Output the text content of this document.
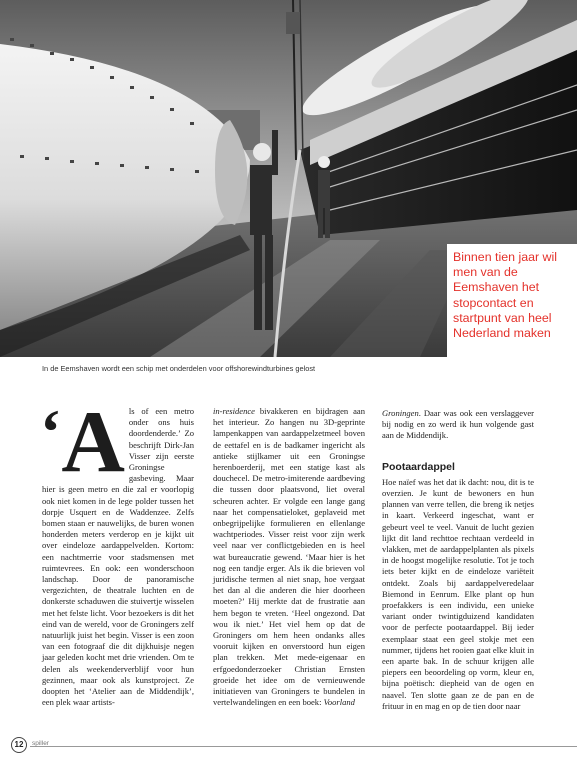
Binnen tien jaar wil men van de Eemshaven het stopcontact en startpunt van heel Nederland maken

In de Eemshaven wordt een schip met onderdelen voor offshorewindturbines gelost
‘A ls of een metro onder ons huis doordenderde.’ Zo beschrijft Dirk-Jan Visser zijn eerste Groningse gasbeving. Maar hier is geen metro en die zal er voorlopig ook niet komen in de lege polder tussen het dorpje Usquert en de Waddenzee. Zelfs bomen staan er nauwelijks, de buren wonen honderden meters verderop en je kijkt uit over eindeloze aardappelvelden. Kortom: een nachtmerrie voor stadsmensen met ruimtevrees. En ook: een wonderschoon landschap. Door de panoramische vergezichten, de theatrale luchten en de donkerste schaduwen die stuivertje wisselen met het felste licht. Voor bezoekers is dit het eind van de wereld, voor de Groningers zelf natuurlijk juist het begin. Visser is een zoon van een fotograaf die dit dijkhuisje negen jaar geleden kocht met drie vrienden. Om te delen als weekenderverblijf voor hun gezinnen, maar ook als kunstproject. Ze doopten het ‘Atelier aan de Middendijk’, een plek waar artists-

in-residence bivakkeren en bijdragen aan het interieur. Zo hangen nu 3D-geprinte lampenkappen van aardappelzetmeel boven de eettafel en is de badkamer ingericht als antieke stijlkamer uit een Groningse herenboerderij, met een statige kast als douchecel. De metro-imiterende aardbeving die tussen door plaatsvond, liet overal scheuren achter. Er volgde een lange gang naar het compensatieloket, geplaveid met onbegrijpelijke formulieren en ellenlange wachtperiodes. Visser reist voor zijn werk veel naar ver conflictgebieden en is heel wat bureaucratie gewend. ‘Maar hier is het nog een tandje erger. Als ik die brieven vol juridische termen al niet snap, hoe vergaat het dan al die anderen die hier doorheen moeten?’ Hij merkte dat de frustratie aan hem begon te vreten. ‘Heel ongezond. Dat wou ik niet.’ Het viel hem op dat de Groningers om hem heen ondanks alles vooruit kijken en onverstoord hun eigen plan trekken. Met mede-eigenaar en erfgoedonderzoeker Christian Ernsten groeide het idee om de vernieuwende initiatieven van Groningers te bundelen in vertelwandelingen en een boek: Voorland

Groningen. Daar was ook een verslaggever bij nodig en zo werd ik hun volgende gast aan de Middendijk.

Pootaardappel

Hoe naïef was het dat ik dacht: nou, dit is te overzien. Je kunt de bewoners en hun plannen van verre tellen, die breng ik netjes in kaart. Verkeerd ingeschat, want er gebeurt veel te veel. Vanuit de lucht gezien lijkt dit land rechttoe rechtaan verdeeld in vlakken, met de aardappelplanten als pixels in de hoogst mogelijke resolutie. Tot je toch iets beter kijkt en de eindeloze variëteit ontdekt. Zoals bij aardappelveredelaar Biemond in Eenrum. Elke plant op hun proefakkers is een individu, een unieke variant onder twintigduizend kandidaten voor de perfecte pootaardappel. Bij ieder exemplaar staat een geel stokje met een nummer, tijdens het rooien gaat elke kluit in een aparte bak. In de schuur krijgen alle piepers een beoordeling op vorm, kleur en, bijna poëtisch: diepheid van de ogen en naavel. Ten slotte gaan ze de pan en de frituur in en mag en op de tien door naar

12	spiller
